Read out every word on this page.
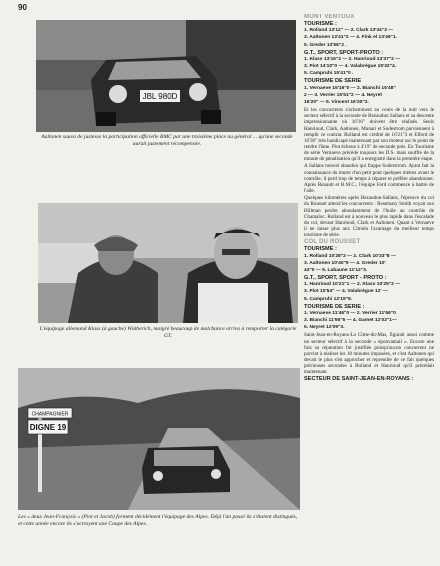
90
JBL 980D
Aaltonen sauva de justesse la participation officielle BMC par une troisième place au général ... qu'une seconde aurait justement récompensée.
L'équipage allemand Klass (à gauche) Wütherich, malgré beaucoup de malchance arriva à remporter la catégorie GT.
CHAMPAGNIER
DIGNE 19
Les « deux Jean-François » (Piot et Jacob) forment décidément l'équipage des Alpes. Déjà l'an passé ils s'étaient distingués, et cette année encore ils s'octroyent une Coupe des Alpes.

MONT VENTOUX

TOURISME :

1. Rolland 13'12" — 2. Clark 13'34"3 —

3. Aaltonen 13'41"2 — 4. Fink el 13'46"1.

5. Greder 13'56"2 .

G.T., SPORT, SPORT-PROTO :

1. Klass 13'16"2 — 2. Hanrioud 13'37"2 —

3. Piot 14'10"0 — 4. Valabrègue 15'32"4.

5. Campruhi 15'41"0 .

TOURISME DE SERIE

1. Vernaeve 15'16"0 — 2. Bianchi 15'48"

2 — 3. Verrier 15'51"2 — 4. Neyret

16'20" — 5. Vincent 16'20"2.

Et les concurrents s'acheminent au cours de la nuit vers le secteur sélectif à la seconde de Bezaudun Sallans et sa descente impressionnante où 16'16" doivent être réalisés. Seuls Hanrioud, Clark, Aaltonen, Munari et Sodestrom parviennent à remplir ce contrat. Rolland est crédité de 16'21"3 et Elford de 16'36" très handicapé maintenant par son moteur sur le point de rendre l'âme. Piot échoue à 4'19" de seconde près. En Tourisme de série Vernaeve précède toujours les D.S. mais souffre de la minute de pénalisation qu'il a enregistré dans la première étape.

A Sallans nouvel abandon qui frappe Soderstrom. Ayant fait la connaissance du muret d'un petit pont quelques mètres avant le contrôle, il perd trop de temps à réparer et préfère abandonner. Après Renault et B.M.C., l'équipe Ford commence à battre de l'aile.

Quelques kilomètres après Bezaudun-Sallans, l'épreuve du col du Rousset attend les concurrents : Rosemary Smith voyait son Hillman perdre abondamment de l'huile au contrôle de Chamaloc. Rolland est à nouveau le plus rapide dans l'escalade du col, devant Hanrioud, Clark et Aaltonen. Quant à Vernaeve il ne laisse plus aux Citroën l'avantage du meilleur temps tourisme de série.

COL DU ROUSSET

TOURISME :

1. Rolland 10'28"2 — 2. Clark 10'33"8 —

3. Aaltonen 10'40"9 — 4. Greder 10'

43"0 — 5. Labaune 11'12"3.

G.T., SPORT, SPORT - PROTO :

1. Hanrioud 10'21"1 — 2. Klass 10'25"2 —

3. Piot 10'54" — 4. Valabrègue 12' —

5. Campruhi 12'19"9.

TOURISME DE SERIE :

1. Vernaeve 11'46"0 — 2. Verrier 11'56"0

3. Bianchi 11'56"5 — 4. Gamet 12'02"1—

5. Neyret 12'09"3.

Saint-Jean-en-Royans-La Cime-du-Mas, figurait aussi comme un secteur sélectif à la seconde « épouvantail ». Encore une fois sa réputation fut justifiée puisqu'aucun concurrent ne parvint à réaliser les 18 minutes imposées, et c'est Aaltonen qui devait le plus s'en approcher et reprendre de ce fait quelques précieuses secondes à Rolland et Hanrioud qu'il précédait maintenant.

SECTEUR DE SAINT-JEAN-EN-ROYANS :
